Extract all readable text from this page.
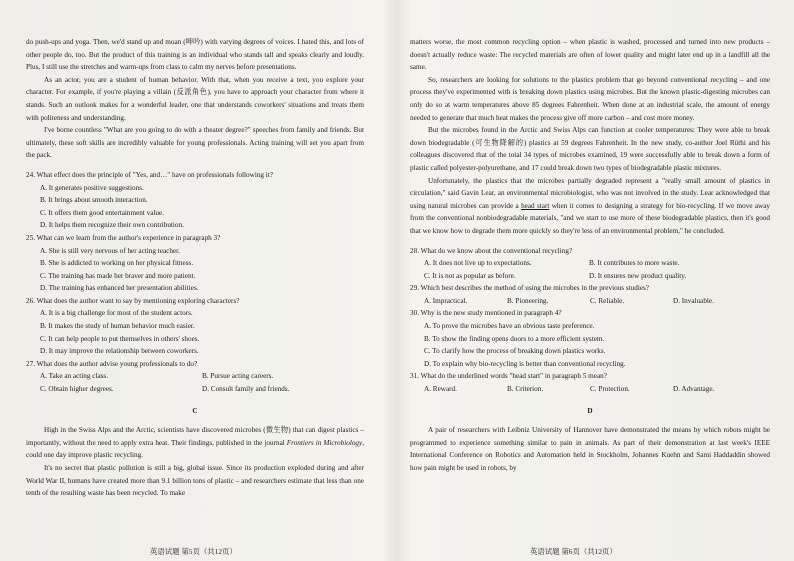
do push-ups and yoga. Then, we'd stand up and moan (呻吟) with varying degrees of voices. I hated this, and lots of other people do, too. But the product of this training is an individual who stands tall and speaks clearly and loudly. Plus, I still use the stretches and warm-ups from class to calm my nerves before presentations.

As an actor, you are a student of human behavior. With that, when you receive a text, you explore your character. For example, if you're playing a villain (反派角色), you have to approach your character from where it stands. Such an outlook makes for a wonderful leader, one that understands coworkers' situations and treats them with politeness and understanding.

I've borne countless "What are you going to do with a theater degree?" speeches from family and friends. But ultimately, these soft skills are incredibly valuable for young professionals. Acting training will set you apart from the pack.

24. What effect does the principle of "Yes, and…" have on professionals following it?
A. It generates positive suggestions.
B. It brings about smooth interaction.
C. It offers them good entertainment value.
D. It helps them recognize their own contribution.
25. What can we learn from the author's experience in paragraph 3?
A. She is still very nervous of her acting teacher.
B. She is addicted to working on her physical fitness.
C. The training has made her braver and more patient.
D. The training has enhanced her presentation abilities.
26. What does the author want to say by mentioning exploring characters?
A. It is a big challenge for most of the student actors.
B. It makes the study of human behavior much easier.
C. It can help people to put themselves in others' shoes.
D. It may improve the relationship between coworkers.
27. What does the author advise young professionals to do?
A. Take an acting class.	B. Pursue acting careers.
C. Obtain higher degrees.	D. Consult family and friends.
C

High in the Swiss Alps and the Arctic, scientists have discovered microbes (微生物) that can digest plastics – importantly, without the need to apply extra heat. Their findings, published in the journal Frontiers in Microbiology, could one day improve plastic recycling.

It's no secret that plastic pollution is still a big, global issue. Since its production exploded during and after World War II, humans have created more than 9.1 billion tons of plastic – and researchers estimate that less than one tenth of the resulting waste has been recycled. To make

英语试题 第5页（共12页）

matters worse, the most common recycling option – when plastic is washed, processed and turned into new products – doesn't actually reduce waste: The recycled materials are often of lower quality and might later end up in a landfill all the same.

So, researchers are looking for solutions to the plastics problem that go beyond conventional recycling – and one process they've experimented with is breaking down plastics using microbes. But the known plastic-digesting microbes can only do so at warm temperatures above 85 degrees Fahrenheit. When done at an industrial scale, the amount of energy needed to generate that much heat makes the process give off more carbon – and cost more money.

But the microbes found in the Arctic and Swiss Alps can function at cooler temperatures: They were able to break down biodegradable (可生物降解的) plastics at 59 degrees Fahrenheit. In the new study, co-author Joel Rüthi and his colleagues discovered that of the total 34 types of microbes examined, 19 were successfully able to break down a form of plastic called polyester-polyurethane, and 17 could break down two types of biodegradable plastic mixtures.

Unfortunately, the plastics that the microbes partially degraded represent a "really small amount of plastics in circulation," said Gavin Lear, an environmental microbiologist, who was not involved in the study. Lear acknowledged that using natural microbes can provide a head start when it comes to designing a strategy for bio-recycling. If we move away from the conventional nonbiodegradable materials, "and we start to use more of these biodegradable plastics, then it's good that we know how to degrade them more quickly so they're less of an environmental problem," he concluded.

28. What do we know about the conventional recycling?
A. It does not live up to expectations.	B. It contributes to more waste.
C. It is not as popular as before.	D. It ensures new product quality.
29. Which best describes the method of using the microbes in the previous studies?
A. Impractical.	B. Pioneering.	C. Reliable.	D. Invaluable.
30. Why is the new study mentioned in paragraph 4?
A. To prove the microbes have an obvious taste preference.
B. To show the finding opens doors to a more efficient system.
C. To clarify how the process of breaking down plastics works.
D. To explain why bio-recycling is better than conventional recycling.
31. What do the underlined words "head start" in paragraph 5 mean?
A. Reward.	B. Criterion.	C. Protection.	D. Advantage.
D

A pair of researchers with Leibniz University of Hannover have demonstrated the means by which robots might be programmed to experience something similar to pain in animals. As part of their demonstration at last week's IEEE International Conference on Robotics and Automation held in Stockholm, Johannes Kuehn and Sami Haddaddin showed how pain might be used in robots, by

英语试题 第6页（共12页）
